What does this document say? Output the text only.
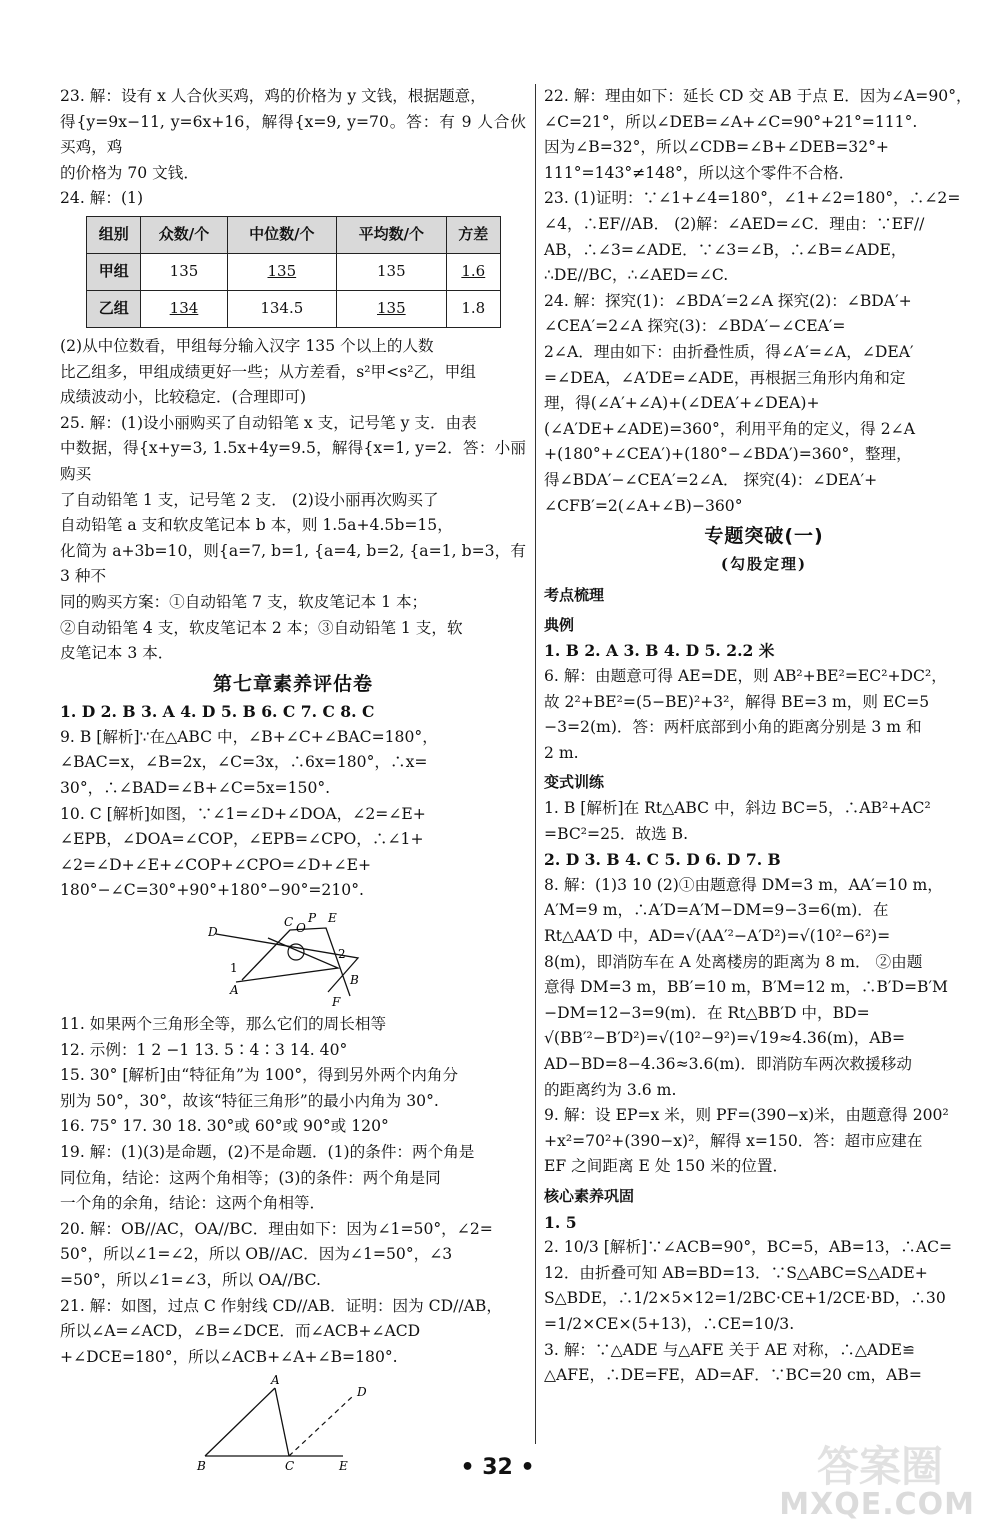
23. 解：设有 x 人合伙买鸡，鸡的价格为 y 文钱，根据题意，

得{y=9x−11, y=6x+16，解得{x=9, y=70。答：有 9 人合伙买鸡，鸡

的价格为 70 文钱．

24. 解：(1)

组别	众数/个	中位数/个	平均数/个	方差
甲组	135	135	135	1.6
乙组	134	134.5	135	1.8

(2)从中位数看，甲组每分输入汉字 135 个以上的人数

比乙组多，甲组成绩更好一些；从方差看，s²甲<s²乙，甲组

成绩波动小，比较稳定．(合理即可)

25. 解：(1)设小丽购买了自动铅笔 x 支，记号笔 y 支．由表

中数据，得{x+y=3, 1.5x+4y=9.5，解得{x=1, y=2．答：小丽购买

了自动铅笔 1 支，记号笔 2 支． (2)设小丽再次购买了

自动铅笔 a 支和软皮笔记本 b 本，则 1.5a+4.5b=15，

化简为 a+3b=10，则{a=7, b=1, {a=4, b=2, {a=1, b=3，有 3 种不

同的购买方案：①自动铅笔 7 支，软皮笔记本 1 本；

②自动铅笔 4 支，软皮笔记本 2 本；③自动铅笔 1 支，软

皮笔记本 3 本．

第七章素养评估卷

1. D 2. B 3. A 4. D 5. B 6. C 7. C 8. C

9. B [解析]∵在△ABC 中，∠B+∠C+∠BAC=180°，

∠BAC=x，∠B=2x，∠C=3x，∴6x=180°，∴x=

30°，∴∠BAD=∠B+∠C=5x=150°.

10. C [解析]如图，∵∠1=∠D+∠DOA，∠2=∠E+

∠EPB，∠DOA=∠COP，∠EPB=∠CPO，∴∠1+

∠2=∠D+∠E+∠COP+∠CPO=∠D+∠E+

180°−∠C=30°+90°+180°−90°=210°.

D
C O
P E
1
2
A
B
F

11. 如果两个三角形全等，那么它们的周长相等

12. 示例：1 2 −1 13. 5∶4∶3 14. 40°

15. 30° [解析]由“特征角”为 100°，得到另外两个内角分

别为 50°，30°，故该“特征三角形”的最小内角为 30°.

16. 75° 17. 30 18. 30°或 60°或 90°或 120°

19. 解：(1)(3)是命题，(2)不是命题．(1)的条件：两个角是

同位角，结论：这两个角相等；(3)的条件：两个角是同

一个角的余角，结论：这两个角相等．

20. 解：OB//AC，OA//BC．理由如下：因为∠1=50°，∠2=

50°，所以∠1=∠2，所以 OB//AC．因为∠1=50°，∠3

=50°，所以∠1=∠3，所以 OA//BC.

21. 解：如图，过点 C 作射线 CD//AB．证明：因为 CD//AB，

所以∠A=∠ACD，∠B=∠DCE．而∠ACB+∠ACD

+∠DCE=180°，所以∠ACB+∠A+∠B=180°.

A
D
B	C	E

22. 解：理由如下：延长 CD 交 AB 于点 E．因为∠A=90°，

∠C=21°，所以∠DEB=∠A+∠C=90°+21°=111°.

因为∠B=32°，所以∠CDB=∠B+∠DEB=32°+

111°=143°≠148°，所以这个零件不合格．

23. (1)证明：∵∠1+∠4=180°，∠1+∠2=180°，∴∠2=

∠4，∴EF//AB． (2)解：∠AED=∠C．理由：∵EF//

AB，∴∠3=∠ADE．∵∠3=∠B，∴∠B=∠ADE，

∴DE//BC，∴∠AED=∠C.

24. 解：探究(1)：∠BDA′=2∠A 探究(2)：∠BDA′+

∠CEA′=2∠A 探究(3)：∠BDA′−∠CEA′=

2∠A．理由如下：由折叠性质，得∠A′=∠A，∠DEA′

=∠DEA，∠A′DE=∠ADE，再根据三角形内角和定

理，得(∠A′+∠A)+(∠DEA′+∠DEA)+

(∠A′DE+∠ADE)=360°，利用平角的定义，得 2∠A

+(180°+∠CEA′)+(180°−∠BDA′)=360°，整理，

得∠BDA′−∠CEA′=2∠A． 探究(4)：∠DEA′+

∠CFB′=2(∠A+∠B)−360°

专题突破(一)
(勾股定理)
考点梳理
典例

1. B 2. A 3. B 4. D 5. 2.2 米

6. 解：由题意可得 AE=DE，则 AB²+BE²=EC²+DC²，

故 2²+BE²=(5−BE)²+3²，解得 BE=3 m，则 EC=5

−3=2(m)．答：两杆底部到小角的距离分别是 3 m 和

2 m.

变式训练

1. B [解析]在 Rt△ABC 中，斜边 BC=5，∴AB²+AC²

=BC²=25．故选 B.

2. D 3. B 4. C 5. D 6. D 7. B

8. 解：(1)3 10 (2)①由题意得 DM=3 m，AA′=10 m，

A′M=9 m，∴A′D=A′M−DM=9−3=6(m)．在

Rt△AA′D 中，AD=√(AA′²−A′D²)=√(10²−6²)=

8(m)，即消防车在 A 处离楼房的距离为 8 m． ②由题

意得 DM=3 m，BB′=10 m，B′M=12 m，∴B′D=B′M

−DM=12−3=9(m)．在 Rt△BB′D 中，BD=

√(BB′²−B′D²)=√(10²−9²)=√19≈4.36(m)，AB=

AD−BD=8−4.36≈3.6(m)．即消防车两次救援移动

的距离约为 3.6 m.

9. 解：设 EP=x 米，则 PF=(390−x)米，由题意得 200²

+x²=70²+(390−x)²，解得 x=150．答：超市应建在

EF 之间距离 E 处 150 米的位置．

核心素养巩固

1. 5

2. 10/3 [解析]∵∠ACB=90°，BC=5，AB=13，∴AC=

12．由折叠可知 AB=BD=13．∵S△ABC=S△ADE+

S△BDE，∴1/2×5×12=1/2BC·CE+1/2CE·BD，∴30

=1/2×CE×(5+13)，∴CE=10/3.

3. 解：∵△ADE 与△AFE 关于 AE 对称，∴△ADE≌

△AFE，∴DE=FE，AD=AF．∵BC=20 cm，AB=

• 32 •	答案圈
MXQE.COM
